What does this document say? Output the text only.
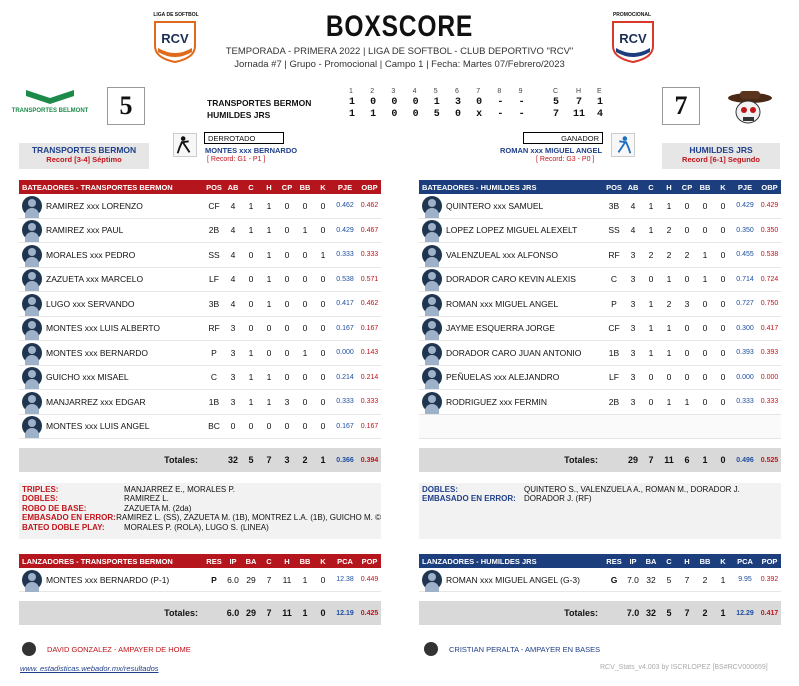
LIGA DE SOFTBOL
RCV
PROMOCIONAL
RCV
BOXSCORE
TEMPORADA - PRIMERA 2022 | LIGA DE SOFTBOL - CLUB DEPORTIVO "RCV"
Jornada #7 | Grupo - Promocional | Campo 1 | Fecha: Martes 07/Febrero/2023
TRANSPORTES BELMONT	5	7
TRANSPORTES BERMON
HUMILDES JRS
1 2 3 4 5 6 7 8 9	C	H E
1	0	0	0	1	3	0	-	-	5	7	1
1	1	0	0	5	0	x	-	-	7	11	4
TRANSPORTES BERMON
Record [3-4] Séptimo
HUMILDES JRS
Record [6-1] Segundo
DERROTADO
MONTES xxx BERNARDO
[ Record: G1 - P1 ]
GANADOR
ROMAN xxx MIGUEL ANGEL
[ Record: G3 - P0 ]
BATEADORES - TRANSPORTES BERMON	POS AB	C	H	CP BB	K	PJE	OBP
RAMIREZ xxx LORENZO	CF	4	1	1	0	0	0	0.462 0.462
RAMIREZ xxx PAUL	2B	4	1	1	0	1	0	0.429 0.467
MORALES xxx PEDRO	SS	4	0	1	0	0	1	0.333 0.333
ZAZUETA xxx MARCELO	LF	4	0	1	0	0	0	0.538 0.571
LUGO xxx SERVANDO	3B	4	0	1	0	0	0	0.417 0.462
MONTES xxx LUIS ALBERTO	RF	3	0	0	0	0	0	0.167 0.167
MONTES xxx BERNARDO	P	3	1	0	0	1	0	0.000 0.143
GUICHO xxx MISAEL	C	3	1	1	0	0	0	0.214 0.214
MANJARREZ xxx EDGAR	1B	3	1	1	3	0	0	0.333 0.333
MONTES xxx LUIS ANGEL	BC	0	0	0	0	0	0	0.167 0.167
BATEADORES - HUMILDES JRS	POS AB	C	H	CP BB	K	PJE	OBP
QUINTERO xxx SAMUEL	3B	4	1	1	0	0	0	0.429 0.429
LOPEZ LOPEZ MIGUEL ALEXELT	SS	4	1	2	0	0	0	0.350 0.350
VALENZUEAL xxx ALFONSO	RF	3	2	2	2	1	0	0.455 0.538
DORADOR CARO KEVIN ALEXIS	C	3	0	1	0	1	0	0.714 0.724
ROMAN xxx MIGUEL ANGEL	P	3	1	2	3	0	0	0.727 0.750
JAYME ESQUERRA JORGE	CF	3	1	1	0	0	0	0.300 0.417
DORADOR CARO JUAN ANTONIO	1B	3	1	1	0	0	0	0.393 0.393
PEÑUELAS xxx ALEJANDRO	LF	3	0	0	0	0	0	0.000 0.000
RODRIGUEZ xxx FERMIN	2B	3	0	1	1	0	0	0.333 0.333
Totales:	32	5	7	3	2	1	0.366 0.394	Totales:	29	7	11	6	1	0	0.496 0.525
TRIPLES:	MANJARREZ E., MORALES P.
DOBLES:	RAMIREZ L.
ROBO DE BASE:	ZAZUETA M. (2da)
EMBASADO EN ERROR: RAMIREZ L. (SS), ZAZUETA M. (1B), MONTREZ L.A. (1B), GUICHO M. ©
BATEO DOBLE PLAY:	MORALES P. (ROLA), LUGO S. (LINEA)
DOBLES:	QUINTERO S., VALENZUELA A., ROMAN M., DORADOR J.
EMBASADO EN ERROR:	DORADOR J. (RF)
LANZADORES - TRANSPORTES BERMON	RES	IP	BA	C	H	BB	K	PCA	POP
MONTES xxx BERNARDO (P-1)	P	6.0 29	7	11	1	0	12.38 0.449
LANZADORES - HUMILDES JRS	RES	IP	BA	C	H	BB	K	PCA	POP
ROMAN xxx MIGUEL ANGEL (G-3)	G	7.0 32	5	7	2	1	9.95	0.392
Totales:	6.0 29	7	11	1	0	12.19 0.425	Totales:	7.0 32	5	7	2	1	12.29 0.417
DAVID GONZALEZ - AMPAYER DE HOME	CRISTIAN PERALTA - AMPAYER EN BASES
www. estadisticas.webador.mx/resultados	RCV_Stats_v4.003 by ISCRLOPEZ [BS#RCV000659]
